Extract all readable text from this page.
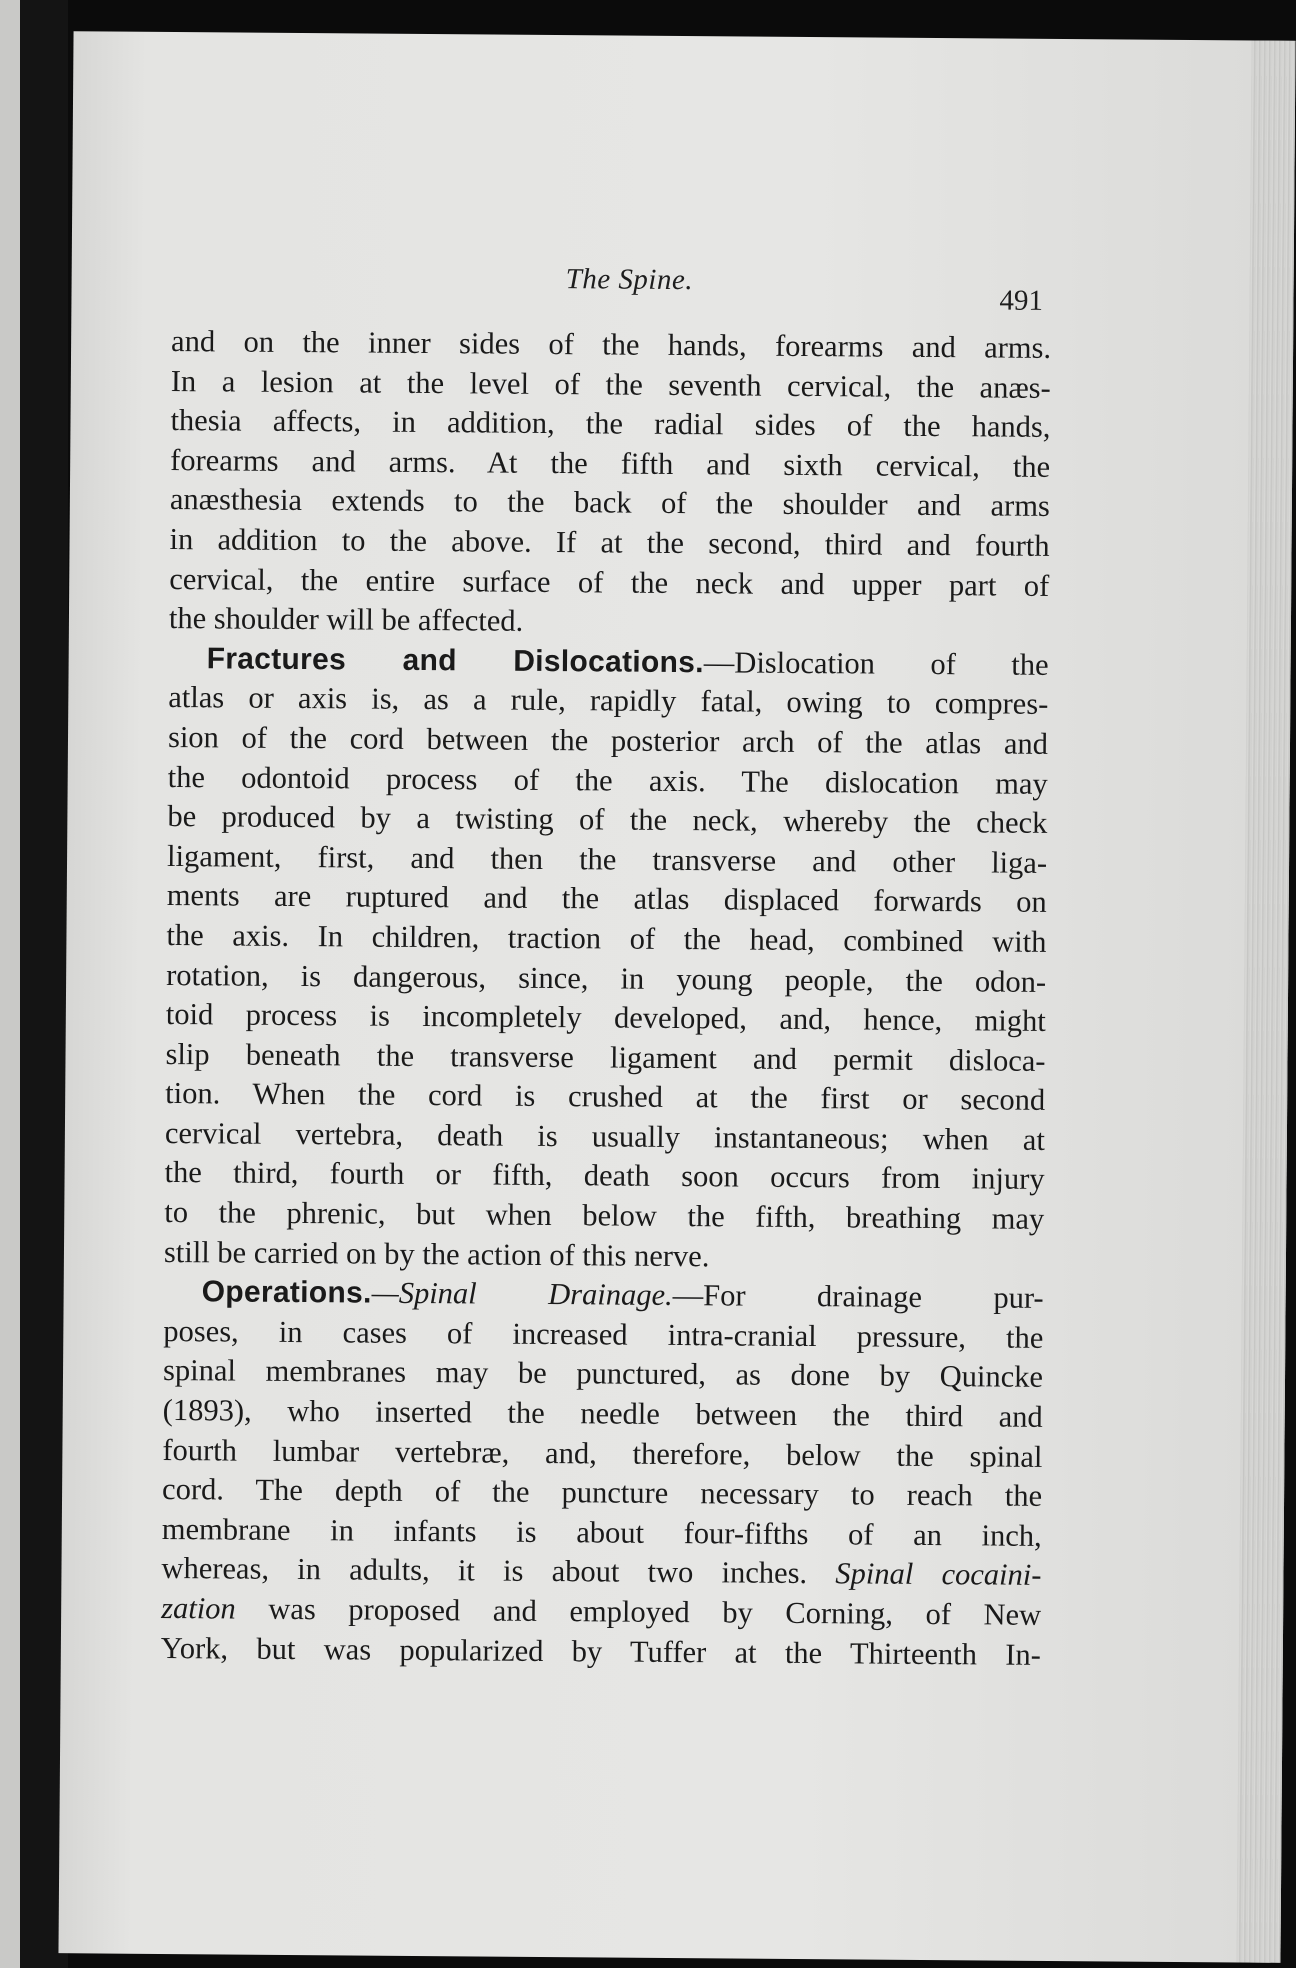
The Spine.
491
and on the inner sides of the hands, forearms and arms.
In a lesion at the level of the seventh cervical, the anæs-
thesia affects, in addition, the radial sides of the hands,
forearms and arms. At the fifth and sixth cervical, the
anæsthesia extends to the back of the shoulder and arms
in addition to the above. If at the second, third and fourth
cervical, the entire surface of the neck and upper part of
the shoulder will be affected.
Fractures and Dislocations.—Dislocation of the
atlas or axis is, as a rule, rapidly fatal, owing to compres-
sion of the cord between the posterior arch of the atlas and
the odontoid process of the axis. The dislocation may
be produced by a twisting of the neck, whereby the check
ligament, first, and then the transverse and other liga-
ments are ruptured and the atlas displaced forwards on
the axis. In children, traction of the head, combined with
rotation, is dangerous, since, in young people, the odon-
toid process is incompletely developed, and, hence, might
slip beneath the transverse ligament and permit disloca-
tion. When the cord is crushed at the first or second
cervical vertebra, death is usually instantaneous; when at
the third, fourth or fifth, death soon occurs from injury
to the phrenic, but when below the fifth, breathing may
still be carried on by the action of this nerve.
Operations.—Spinal Drainage.—For drainage pur-
poses, in cases of increased intra-cranial pressure, the
spinal membranes may be punctured, as done by Quincke
(1893), who inserted the needle between the third and
fourth lumbar vertebræ, and, therefore, below the spinal
cord. The depth of the puncture necessary to reach the
membrane in infants is about four-fifths of an inch,
whereas, in adults, it is about two inches. Spinal cocaini-
zation was proposed and employed by Corning, of New
York, but was popularized by Tuffer at the Thirteenth In-
